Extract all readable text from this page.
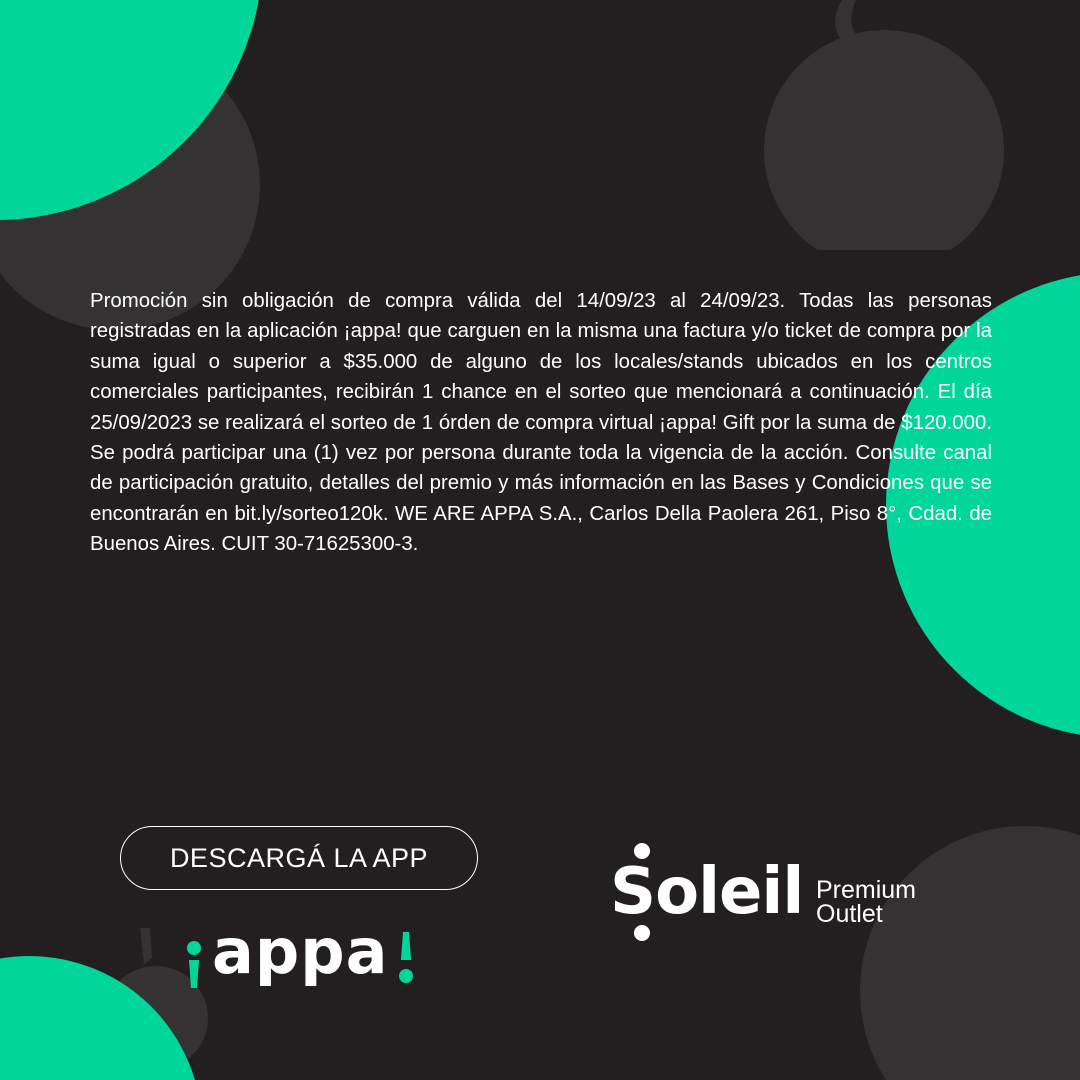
Promoción sin obligación de compra válida del 14/09/23 al 24/09/23. Todas las personas registradas en la aplicación ¡appa! que carguen en la misma una factura y/o ticket de compra por la suma igual o superior a $35.000 de alguno de los locales/stands ubicados en los centros comerciales participantes, recibirán 1 chance en el sorteo que mencionará a continuación. El día 25/09/2023 se realizará el sorteo de 1 órden de compra virtual ¡appa! Gift por la suma de $120.000. Se podrá participar una (1) vez por persona durante toda la vigencia de la acción. Consulte canal de participación gratuito, detalles del premio y más información en las Bases y Condiciones que se encontrarán en bit.ly/sorteo120k. WE ARE APPA S.A., Carlos Della Paolera 261, Piso 8°, Cdad. de Buenos Aires. CUIT 30-71625300-3.

DESCARGÁ LA APP
appa
Soleil Premium
Outlet
